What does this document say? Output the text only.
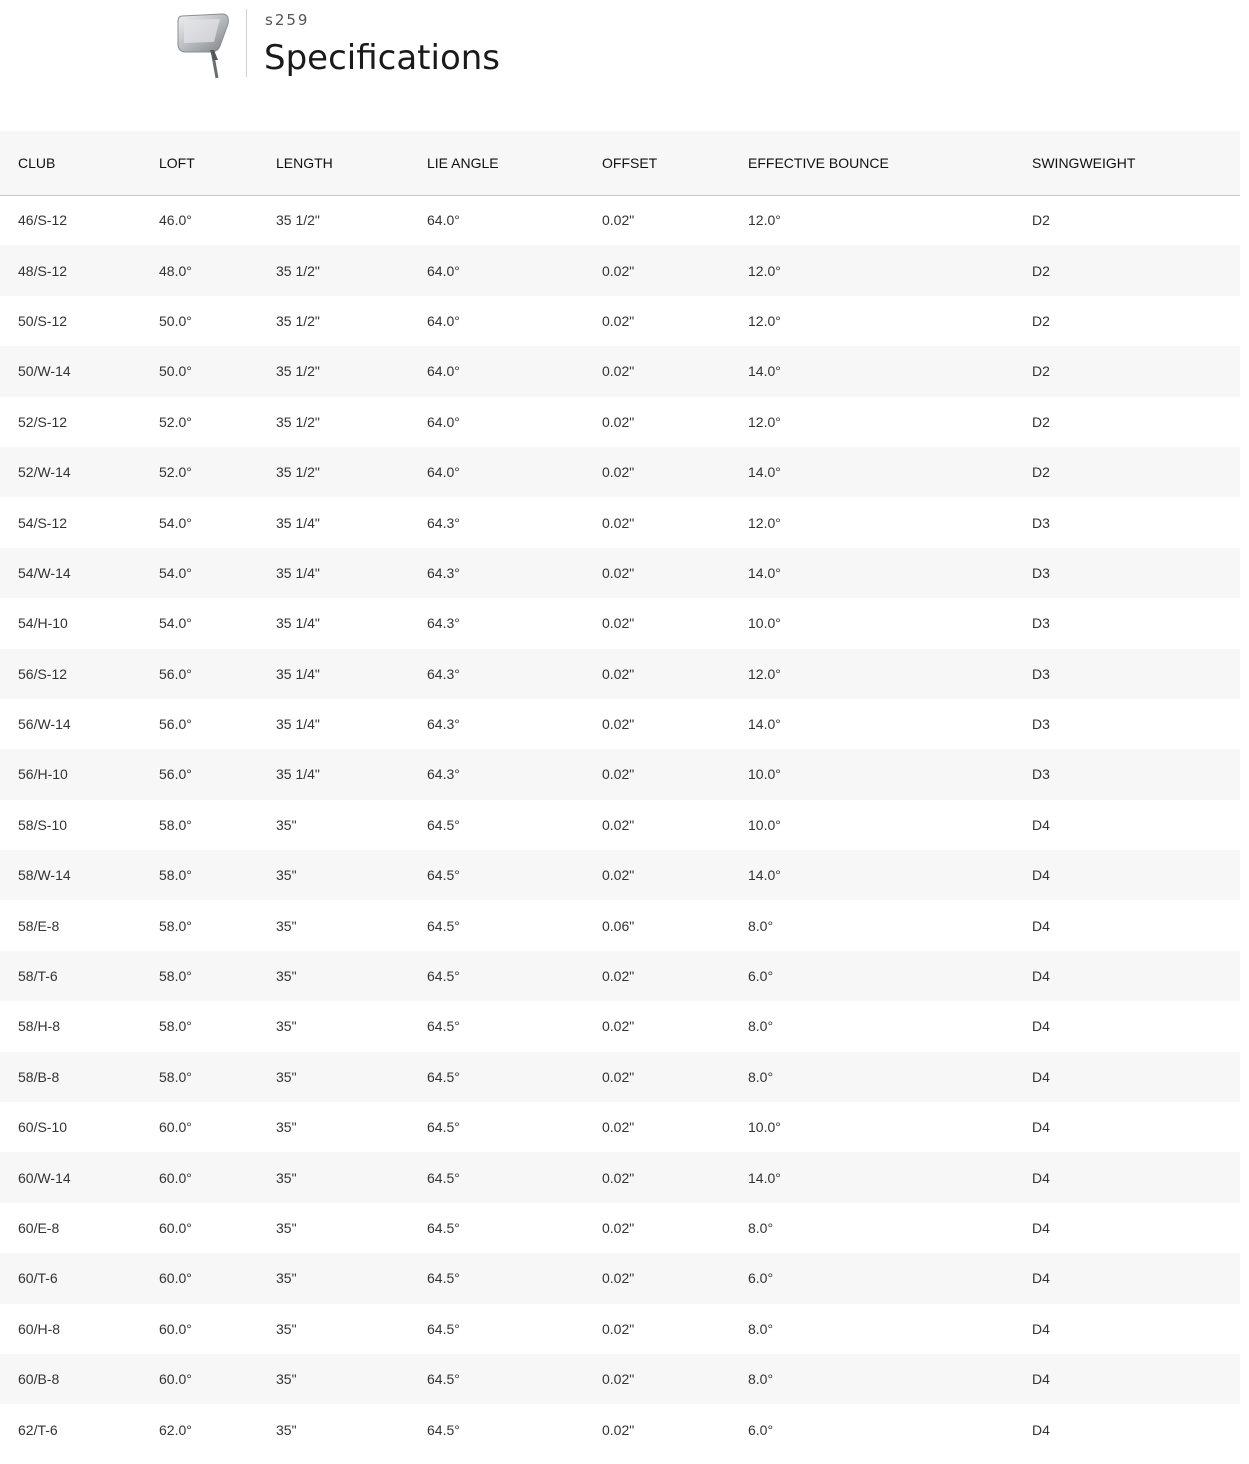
s259
Specifications
CLUB	LOFT	LENGTH	LIE ANGLE	OFFSET	EFFECTIVE BOUNCE	SWINGWEIGHT
46/S-12	46.0°	35 1/2"	64.0°	0.02"	12.0°	D2
48/S-12	48.0°	35 1/2"	64.0°	0.02"	12.0°	D2
50/S-12	50.0°	35 1/2"	64.0°	0.02"	12.0°	D2
50/W-14	50.0°	35 1/2"	64.0°	0.02"	14.0°	D2
52/S-12	52.0°	35 1/2"	64.0°	0.02"	12.0°	D2
52/W-14	52.0°	35 1/2"	64.0°	0.02"	14.0°	D2
54/S-12	54.0°	35 1/4"	64.3°	0.02"	12.0°	D3
54/W-14	54.0°	35 1/4"	64.3°	0.02"	14.0°	D3
54/H-10	54.0°	35 1/4"	64.3°	0.02"	10.0°	D3
56/S-12	56.0°	35 1/4"	64.3°	0.02"	12.0°	D3
56/W-14	56.0°	35 1/4"	64.3°	0.02"	14.0°	D3
56/H-10	56.0°	35 1/4"	64.3°	0.02"	10.0°	D3
58/S-10	58.0°	35"	64.5°	0.02"	10.0°	D4
58/W-14	58.0°	35"	64.5°	0.02"	14.0°	D4
58/E-8	58.0°	35"	64.5°	0.06"	8.0°	D4
58/T-6	58.0°	35"	64.5°	0.02"	6.0°	D4
58/H-8	58.0°	35"	64.5°	0.02"	8.0°	D4
58/B-8	58.0°	35"	64.5°	0.02"	8.0°	D4
60/S-10	60.0°	35"	64.5°	0.02"	10.0°	D4
60/W-14	60.0°	35"	64.5°	0.02"	14.0°	D4
60/E-8	60.0°	35"	64.5°	0.02"	8.0°	D4
60/T-6	60.0°	35"	64.5°	0.02"	6.0°	D4
60/H-8	60.0°	35"	64.5°	0.02"	8.0°	D4
60/B-8	60.0°	35"	64.5°	0.02"	8.0°	D4
62/T-6	62.0°	35"	64.5°	0.02"	6.0°	D4
